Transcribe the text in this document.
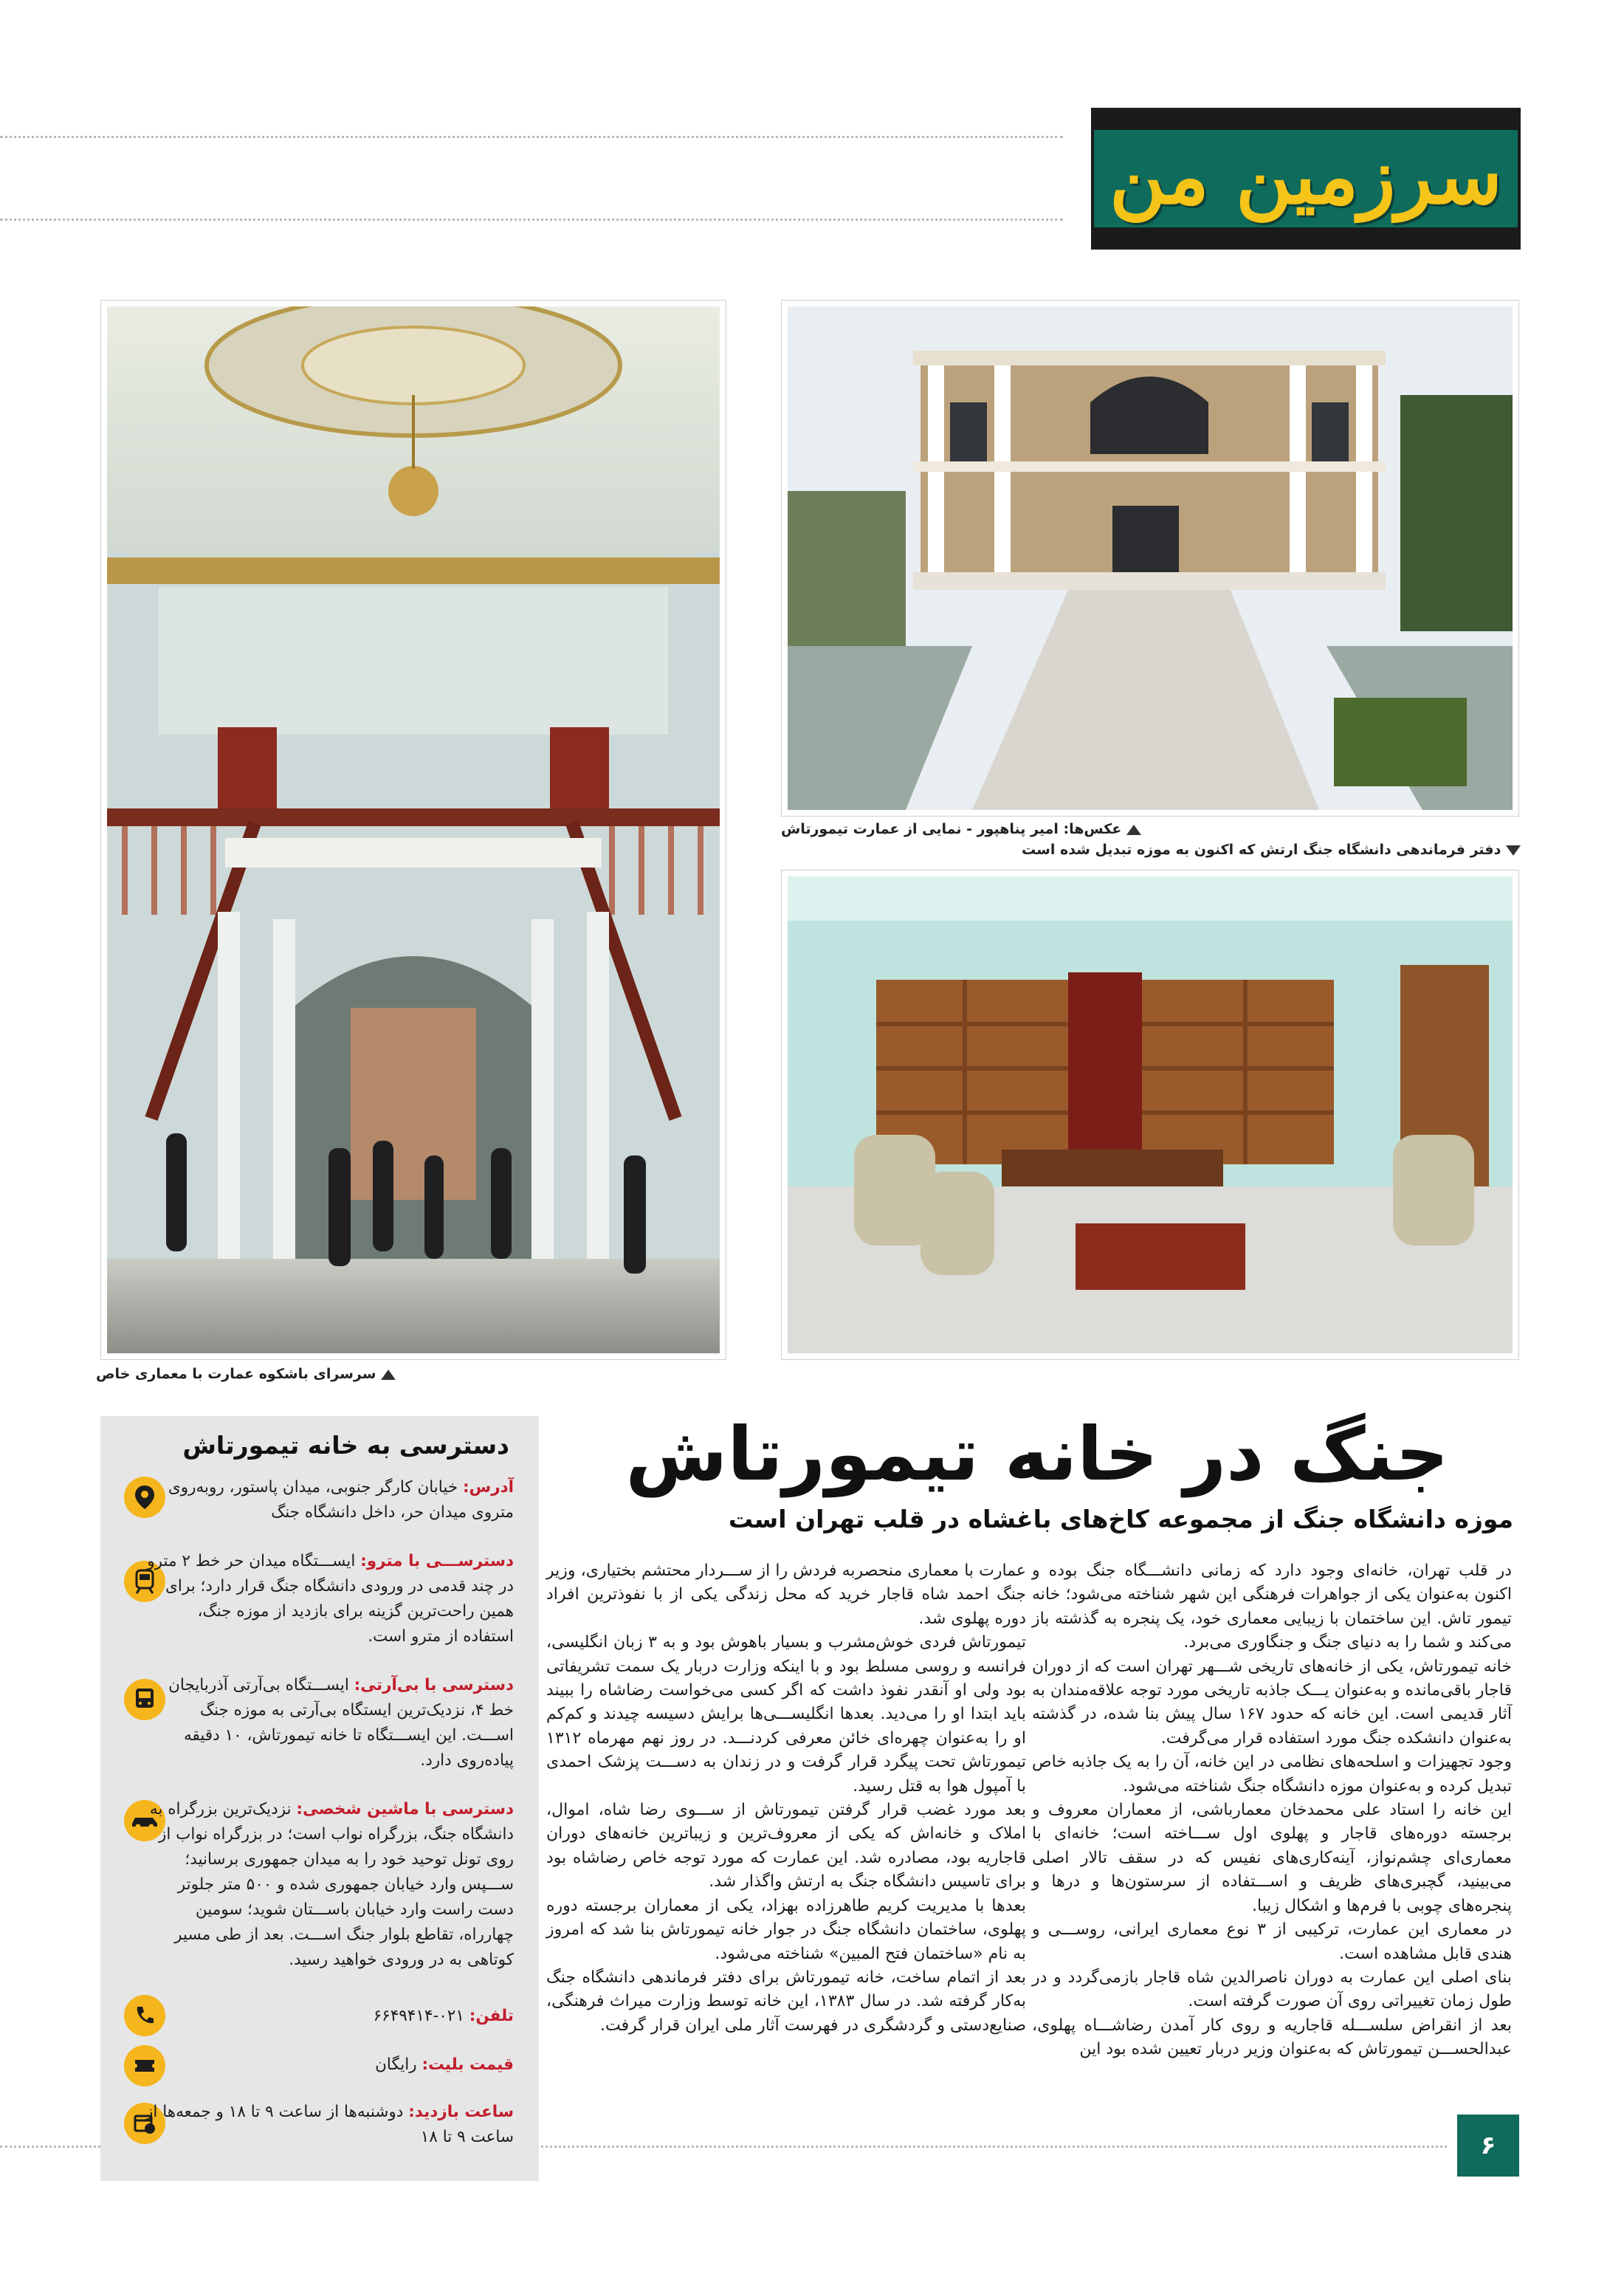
سرزمین من
سرسرای باشکوه عمارت با معماری خاص
عکس‌ها: امیر پناهپور - نمایی از عمارت تیمورتاش
دفتر فرماندهی دانشگاه جنگ ارتش که اکنون به موزه تبدیل شده است
جنگ در خانه تیمورتاش
موزه دانشگاه جنگ از مجموعه کاخ‌های باغشاه در قلب تهران است

در قلب تهران، خانه‌ای وجود دارد که زمانی دانشـــگاه جنگ بوده و اکنون به‌عنوان یکی از جواهرات فرهنگی این شهر شناخته می‌شود؛ خانه تیمور تاش. این ساختمان با زیبایی معماری خود، یک پنجره به گذشته باز می‌کند و شما را به دنیای جنگ و جنگاوری می‌برد.

خانه تیمورتاش، یکی از خانه‌های تاریخی شـــهر تهران است که از دوران قاجار باقی‌مانده و به‌عنوان یـــک جاذبه تاریخی مورد توجه علاقه‌مندان به آثار قدیمی است. این خانه که حدود ۱۶۷ سال پیش بنا شده، در گذشته به‌عنوان دانشکده جنگ مورد استفاده قرار می‌گرفت.

وجود تجهیزات و اسلحه‌های نظامی در این خانه، آن را به یک جاذبه خاص تبدیل کرده و به‌عنوان موزه دانشگاه جنگ شناخته می‌شود.

این خانه را استاد علی محمدخان معمارباشی، از معماران معروف و برجسته دوره‌های قاجار و پهلوی اول ســـاخته است؛ خانه‌ای با معماری‌ای چشم‌نواز، آینه‌کاری‌های نفیس که در سقف تالار اصلی می‌بینید، گچبری‌های ظریف و اســـتفاده از سرستون‌ها و درها و پنجره‌های چوبی با فرم‌ها و اشکال زیبا.

در معماری این عمارت، ترکیبی از ۳ نوع معماری ایرانی، روســـی و هندی قابل مشاهده است.

بنای اصلی این عمارت به دوران ناصرالدین شاه قاجار بازمی‌گردد و در طول زمان تغییراتی روی آن صورت گرفته است.

بعد از انقراض سلســـله قاجاریه و روی کار آمدن رضاشـــاه پهلوی، عبدالحســـن تیمورتاش که به‌عنوان وزیر دربار تعیین شده بود این

عمارت با معماری منحصربه فردش را از ســـردار محتشم بختیاری، وزیر جنگ احمد شاه قاجار خرید که محل زندگی یکی از با نفوذترین افراد دوره پهلوی شد.

تیمورتاش فردی خوش‌مشرب و بسیار باهوش بود و به ۳ زبان انگلیسی، فرانسه و روسی مسلط بود و با اینکه وزارت دربار یک سمت تشریفاتی بود ولی او آنقدر نفوذ داشت که اگر کسی می‌خواست رضاشاه را ببیند باید ابتدا او را می‌دید. بعدها انگلیســـی‌ها برایش دسیسه چیدند و کم‌کم او را به‌عنوان چهره‌ای خائن معرفی کردنـــد. در روز نهم مهرماه ۱۳۱۲ تیمورتاش تحت پیگرد قرار گرفت و در زندان به دســـت پزشک احمدی با آمپول هوا به قتل رسید.

بعد مورد غضب قرار گرفتن تیمورتاش از ســـوی رضا شاه، اموال، املاک و خانه‌اش که یکی از معروف‌ترین و زیباترین خانه‌های دوران قاجاریه بود، مصادره شد. این عمارت که مورد توجه خاص رضاشاه بود برای تاسیس دانشگاه جنگ به ارتش واگذار شد.

بعدها با مدیریت کریم طاهرزاده بهزاد، یکی از معماران برجسته دوره پهلوی، ساختمان دانشگاه جنگ در جوار خانه تیمورتاش بنا شد که امروز به نام «ساختمان فتح المبین» شناخته می‌شود.

بعد از اتمام ساخت، خانه تیمورتاش برای دفتر فرماندهی دانشگاه جنگ به‌کار گرفته شد. در سال ۱۳۸۳، این خانه توسط وزارت میراث فرهنگی، صنایع‌دستی و گردشگری در فهرست آثار ملی ایران قرار گرفت.

دسترسی به خانه تیمورتاش
آدرس: خیابان کارگر جنوبی، میدان پاستور، روبه‌روی متروی میدان حر، داخل دانشگاه جنگ
دسترســـی با مترو: ایســـتگاه میدان حر خط ۲ مترو در چند قدمی در ورودی دانشگاه جنگ قرار دارد؛ برای همین راحت‌ترین گزینه برای بازدید از موزه جنگ، استفاده از مترو است.
دسترسی با بی‌آرتی: ایســـتگاه بی‌آرتی آذربایجان خط ۴، نزدیک‌ترین ایستگاه بی‌آرتی به موزه جنگ اســـت. این ایســـتگاه تا خانه تیمورتاش، ۱۰ دقیقه پیاده‌روی دارد.
دسترسی با ماشین شخصی: نزدیک‌ترین بزرگراه به دانشگاه جنگ، بزرگراه نواب است؛ در بزرگراه نواب از روی تونل توحید خود را به میدان جمهوری برسانید؛ ســـپس وارد خیابان جمهوری شده و ۵۰۰ متر جلوتر دست راست وارد خیابان باســـتان شوید؛ سومین چهارراه، تقاطع بلوار جنگ اســـت. بعد از طی مسیر کوتاهی به در ورودی خواهید رسید.
تلفن: ۰۲۱-۶۶۴۹۴۱۴
قیمت بلیت: رایگان
ساعت بازدید: دوشنبه‌ها از ساعت ۹ تا ۱۸ و جمعه‌ها از ساعت ۹ تا ۱۸	۶
